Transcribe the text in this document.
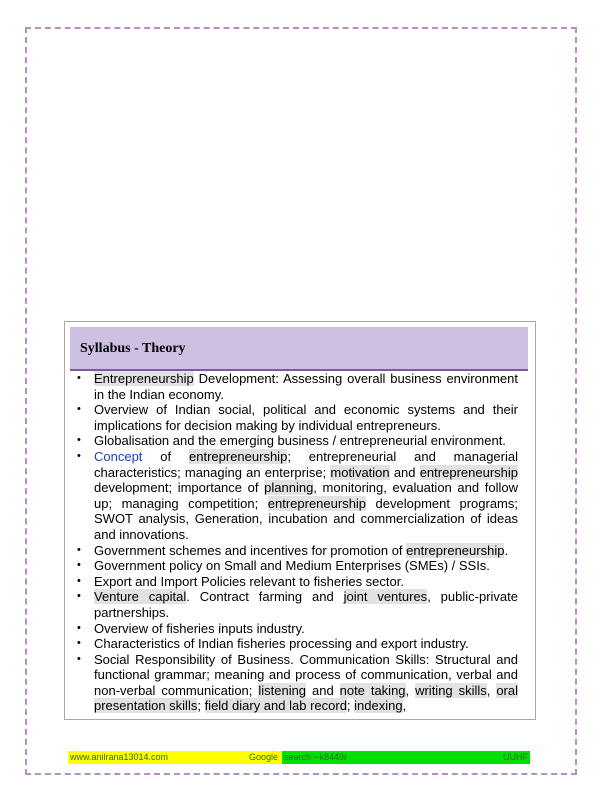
Syllabus - Theory
• Entrepreneurship Development: Assessing overall business environment in the Indian economy.
• Overview of Indian social, political and economic systems and their implications for decision making by individual entrepreneurs.
• Globalisation and the emerging business / entrepreneurial environment.
• Concept of entrepreneurship; entrepreneurial and managerial characteristics; managing an enterprise; motivation and entrepreneurship development; importance of planning, monitoring, evaluation and follow up; managing competition; entrepreneurship development programs; SWOT analysis, Generation, incubation and commercialization of ideas and innovations.
• Government schemes and incentives for promotion of entrepreneurship.
• Government policy on Small and Medium Enterprises (SMEs) / SSIs.
• Export and Import Policies relevant to fisheries sector.
• Venture capital. Contract farming and joint ventures, public-private partnerships.
• Overview of fisheries inputs industry.
• Characteristics of Indian fisheries processing and export industry.
• Social Responsibility of Business. Communication Skills: Structural and functional grammar; meaning and process of communication, verbal and non-verbal communication; listening and note taking, writing skills, oral presentation skills; field diary and lab record; indexing,
www.anilrana13014.com	Google search --k8449r	UUHF
